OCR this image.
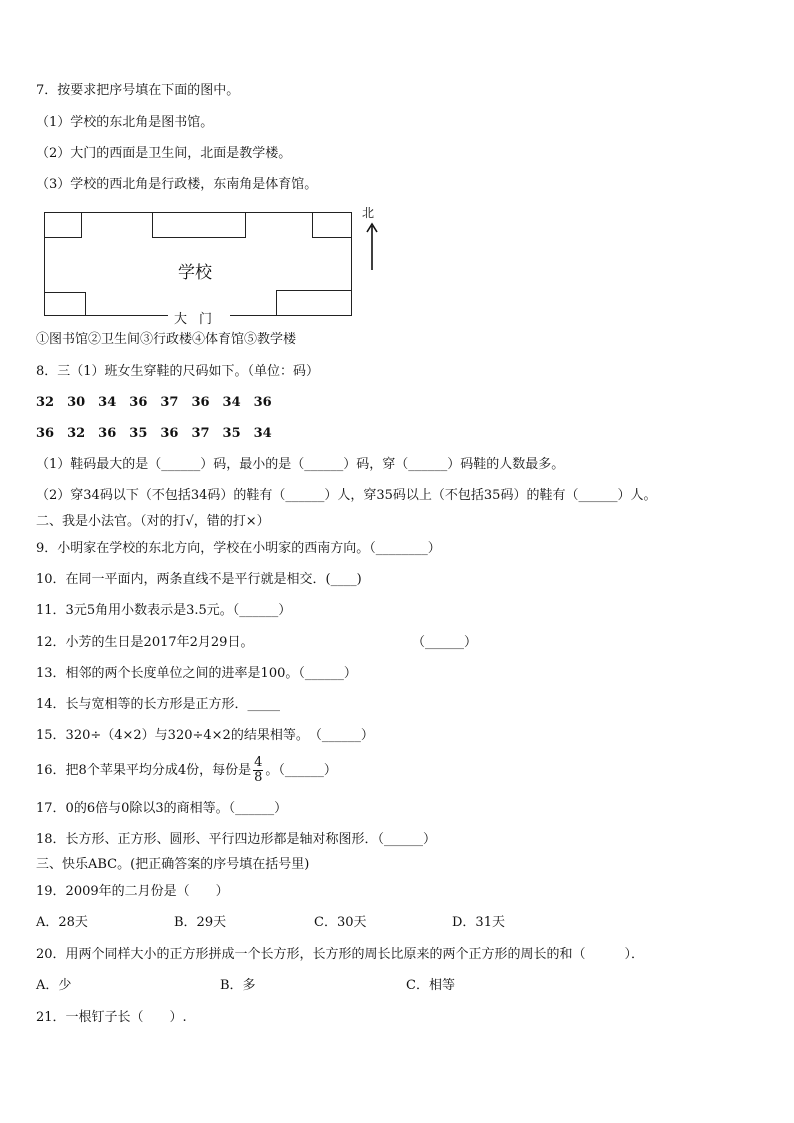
7．按要求把序号填在下面的图中。
（1）学校的东北角是图书馆。
（2）大门的西面是卫生间，北面是教学楼。
（3）学校的西北角是行政楼，东南角是体育馆。
学校
大门
北
①图书馆②卫生间③行政楼④体育馆⑤教学楼
8．三（1）班女生穿鞋的尺码如下。（单位：码）
32　30　34　36　37　36　34　36
36　32　36　35　36　37　35　34
（1）鞋码最大的是（______）码，最小的是（______）码，穿（______）码鞋的人数最多。
（2）穿34码以下（不包括34码）的鞋有（______）人，穿35码以上（不包括35码）的鞋有（______）人。
二、我是小法官。（对的打√，错的打×）
9．小明家在学校的东北方向，学校在小明家的西南方向。（________）
10．在同一平面内，两条直线不是平行就是相交．(____)
11．3元5角用小数表示是3.5元。（______）
12．小芳的生日是2017年2月29日。	（______）
13．相邻的两个长度单位之间的进率是100。（______）
14．长与宽相等的长方形是正方形．_____
15．320÷（4×2）与320÷4×2的结果相等。　（______）
16．把8个苹果平均分成4份，每份是 $\frac{4}{8}$ 。（______）
17．0的6倍与0除以3的商相等。（______）
18．长方形、正方形、圆形、平行四边形都是轴对称图形．（______）
三、快乐ABC。(把正确答案的序号填在括号里)
19．2009年的二月份是（　　）
A．28天	B．29天	C．30天	D．31天
20．用两个同样大小的正方形拼成一个长方形，长方形的周长比原来的两个正方形的周长的和（　　　）．
A．少	B．多	C．相等
21．一根钉子长（　　）.
